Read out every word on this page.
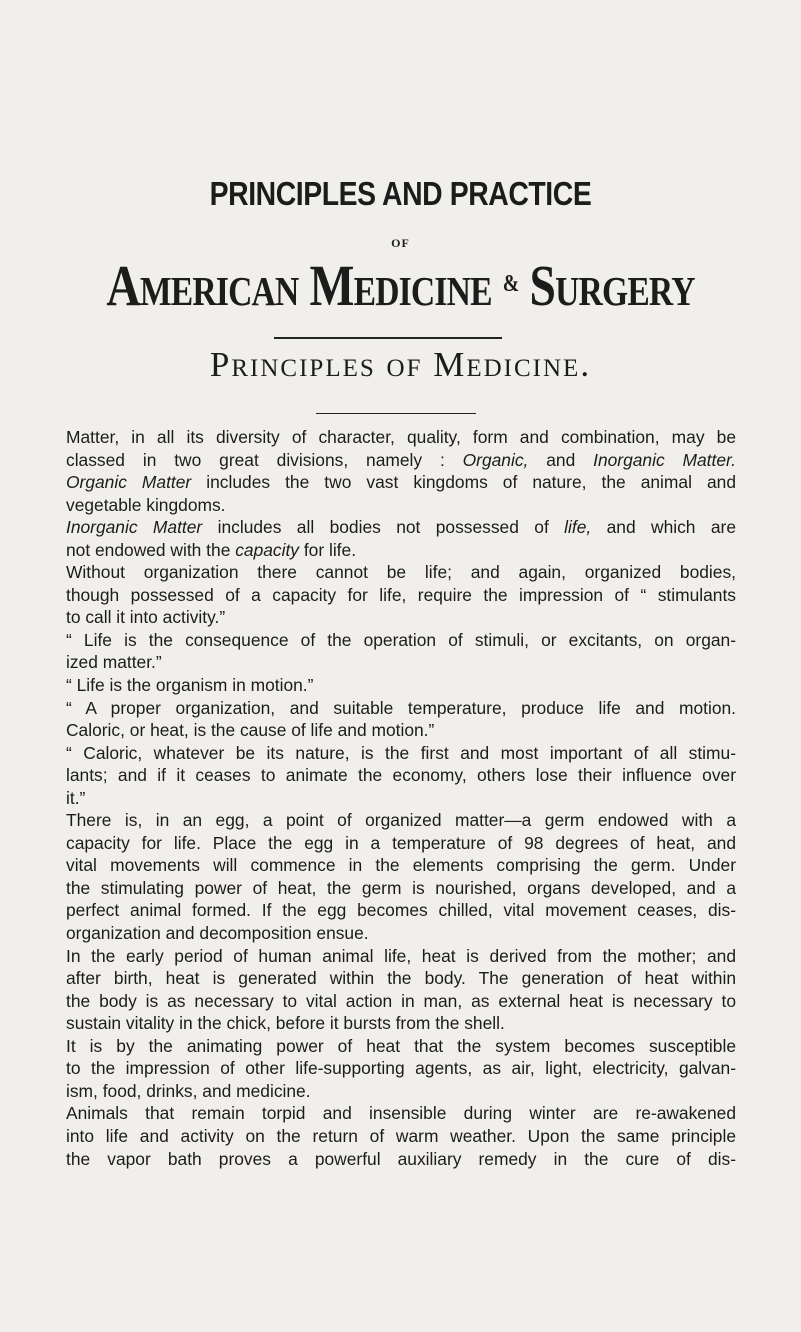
PRINCIPLES AND PRACTICE
OF
American Medicine & Surgery
Principles of Medicine.
Matter, in all its diversity of character, quality, form and combination, may be
classed in two great divisions, namely : Organic, and Inorganic Matter.
Organic Matter includes the two vast kingdoms of nature, the animal and
vegetable kingdoms.
Inorganic Matter includes all bodies not possessed of life, and which are
not endowed with the capacity for life.
Without organization there cannot be life; and again, organized bodies,
though possessed of a capacity for life, require the impression of “ stimulants
to call it into activity.”
“ Life is the consequence of the operation of stimuli, or excitants, on organ-
ized matter.”
“ Life is the organism in motion.”
“ A proper organization, and suitable temperature, produce life and motion.
Caloric, or heat, is the cause of life and motion.”
“ Caloric, whatever be its nature, is the first and most important of all stimu-
lants; and if it ceases to animate the economy, others lose their influence over
it.”
There is, in an egg, a point of organized matter—a germ endowed with a
capacity for life. Place the egg in a temperature of 98 degrees of heat, and
vital movements will commence in the elements comprising the germ. Under
the stimulating power of heat, the germ is nourished, organs developed, and a
perfect animal formed. If the egg becomes chilled, vital movement ceases, dis-
organization and decomposition ensue.
In the early period of human animal life, heat is derived from the mother; and
after birth, heat is generated within the body. The generation of heat within
the body is as necessary to vital action in man, as external heat is necessary to
sustain vitality in the chick, before it bursts from the shell.
It is by the animating power of heat that the system becomes susceptible
to the impression of other life-supporting agents, as air, light, electricity, galvan-
ism, food, drinks, and medicine.
Animals that remain torpid and insensible during winter are re-awakened
into life and activity on the return of warm weather. Upon the same principle
the vapor bath proves a powerful auxiliary remedy in the cure of dis-
